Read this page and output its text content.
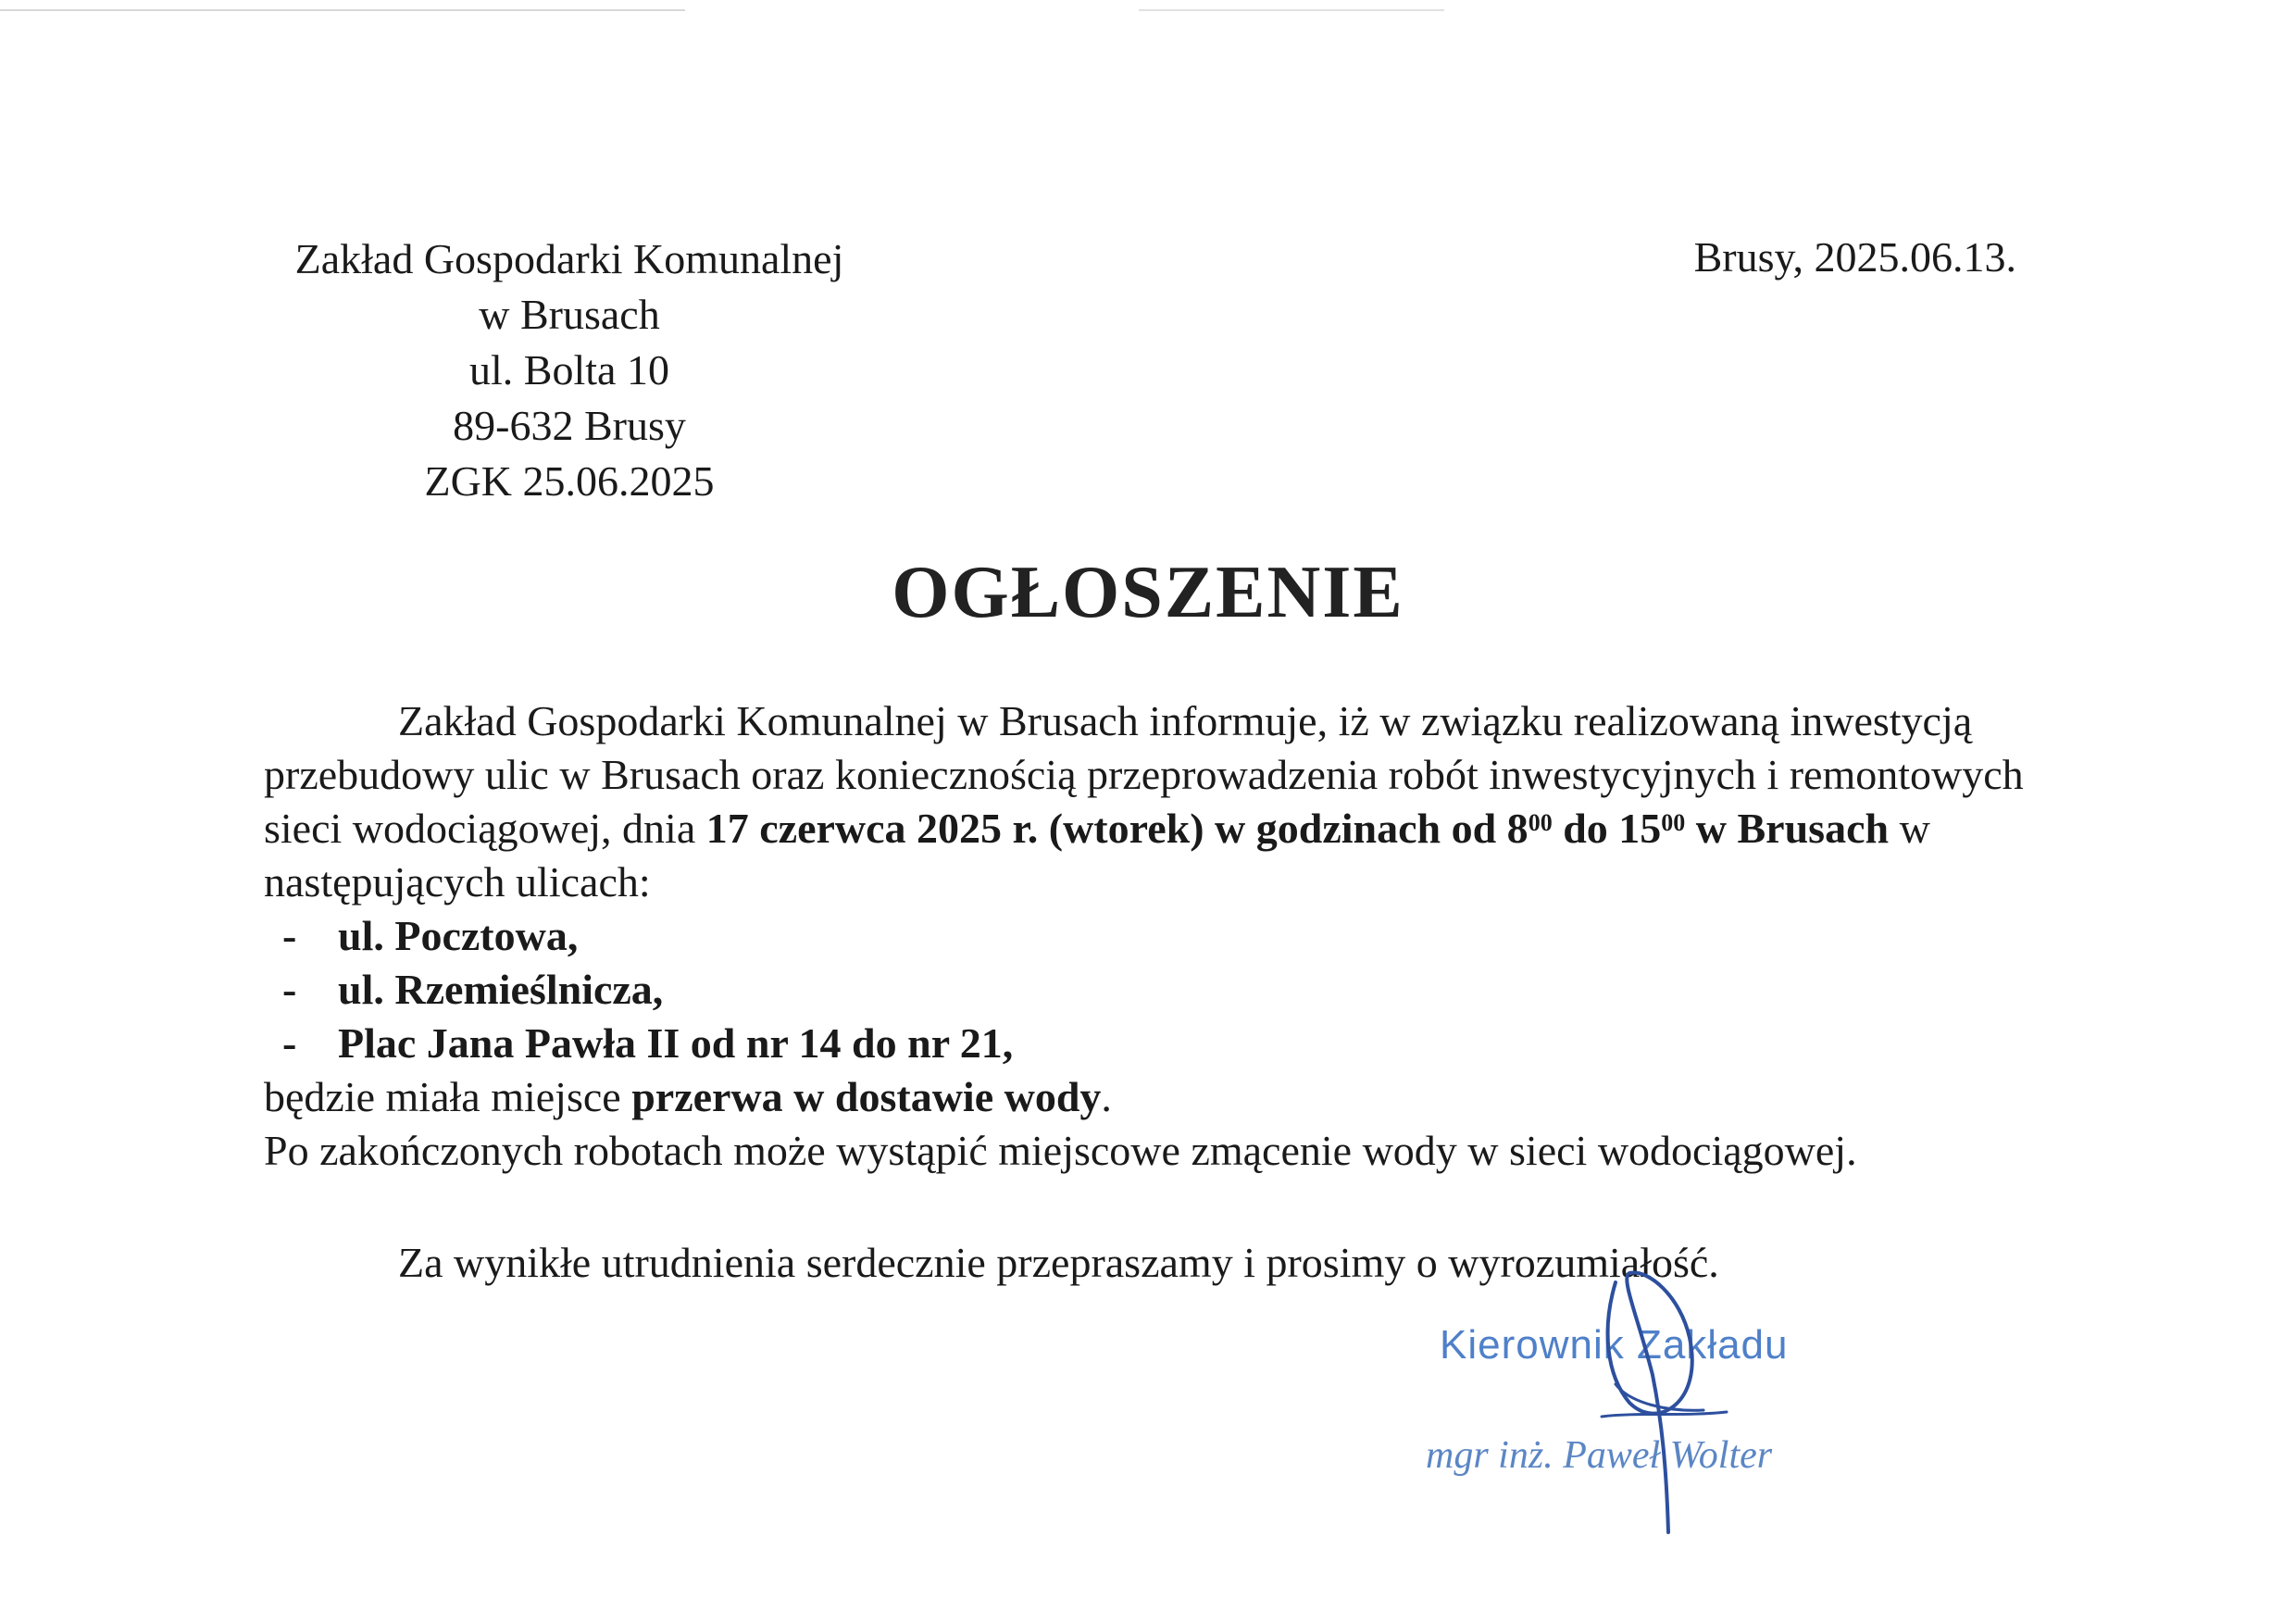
Zakład Gospodarki Komunalnej
w Brusach
ul. Bolta 10
89-632 Brusy
ZGK 25.06.2025
Brusy, 2025.06.13.
OGŁOSZENIE

Zakład Gospodarki Komunalnej w Brusach informuje, iż w związku realizowaną inwestycją przebudowy ulic w Brusach oraz koniecznością przeprowadzenia robót inwestycyjnych i remontowych sieci wodociągowej, dnia 17 czerwca 2025 r. (wtorek) w godzinach od $8^{00}$ do $15^{00}$ w Brusach w następujących ulicach:

- ul. Pocztowa,
- ul. Rzemieślnicza,
- Plac Jana Pawła II od nr 14 do nr 21,

będzie miała miejsce przerwa w dostawie wody.

Po zakończonych robotach może wystąpić miejscowe zmącenie wody w sieci wodociągowej.

Za wynikłe utrudnienia serdecznie przepraszamy i prosimy o wyrozumiałość.
Kierownik Zakładu
mgr inż. Paweł Wolter
